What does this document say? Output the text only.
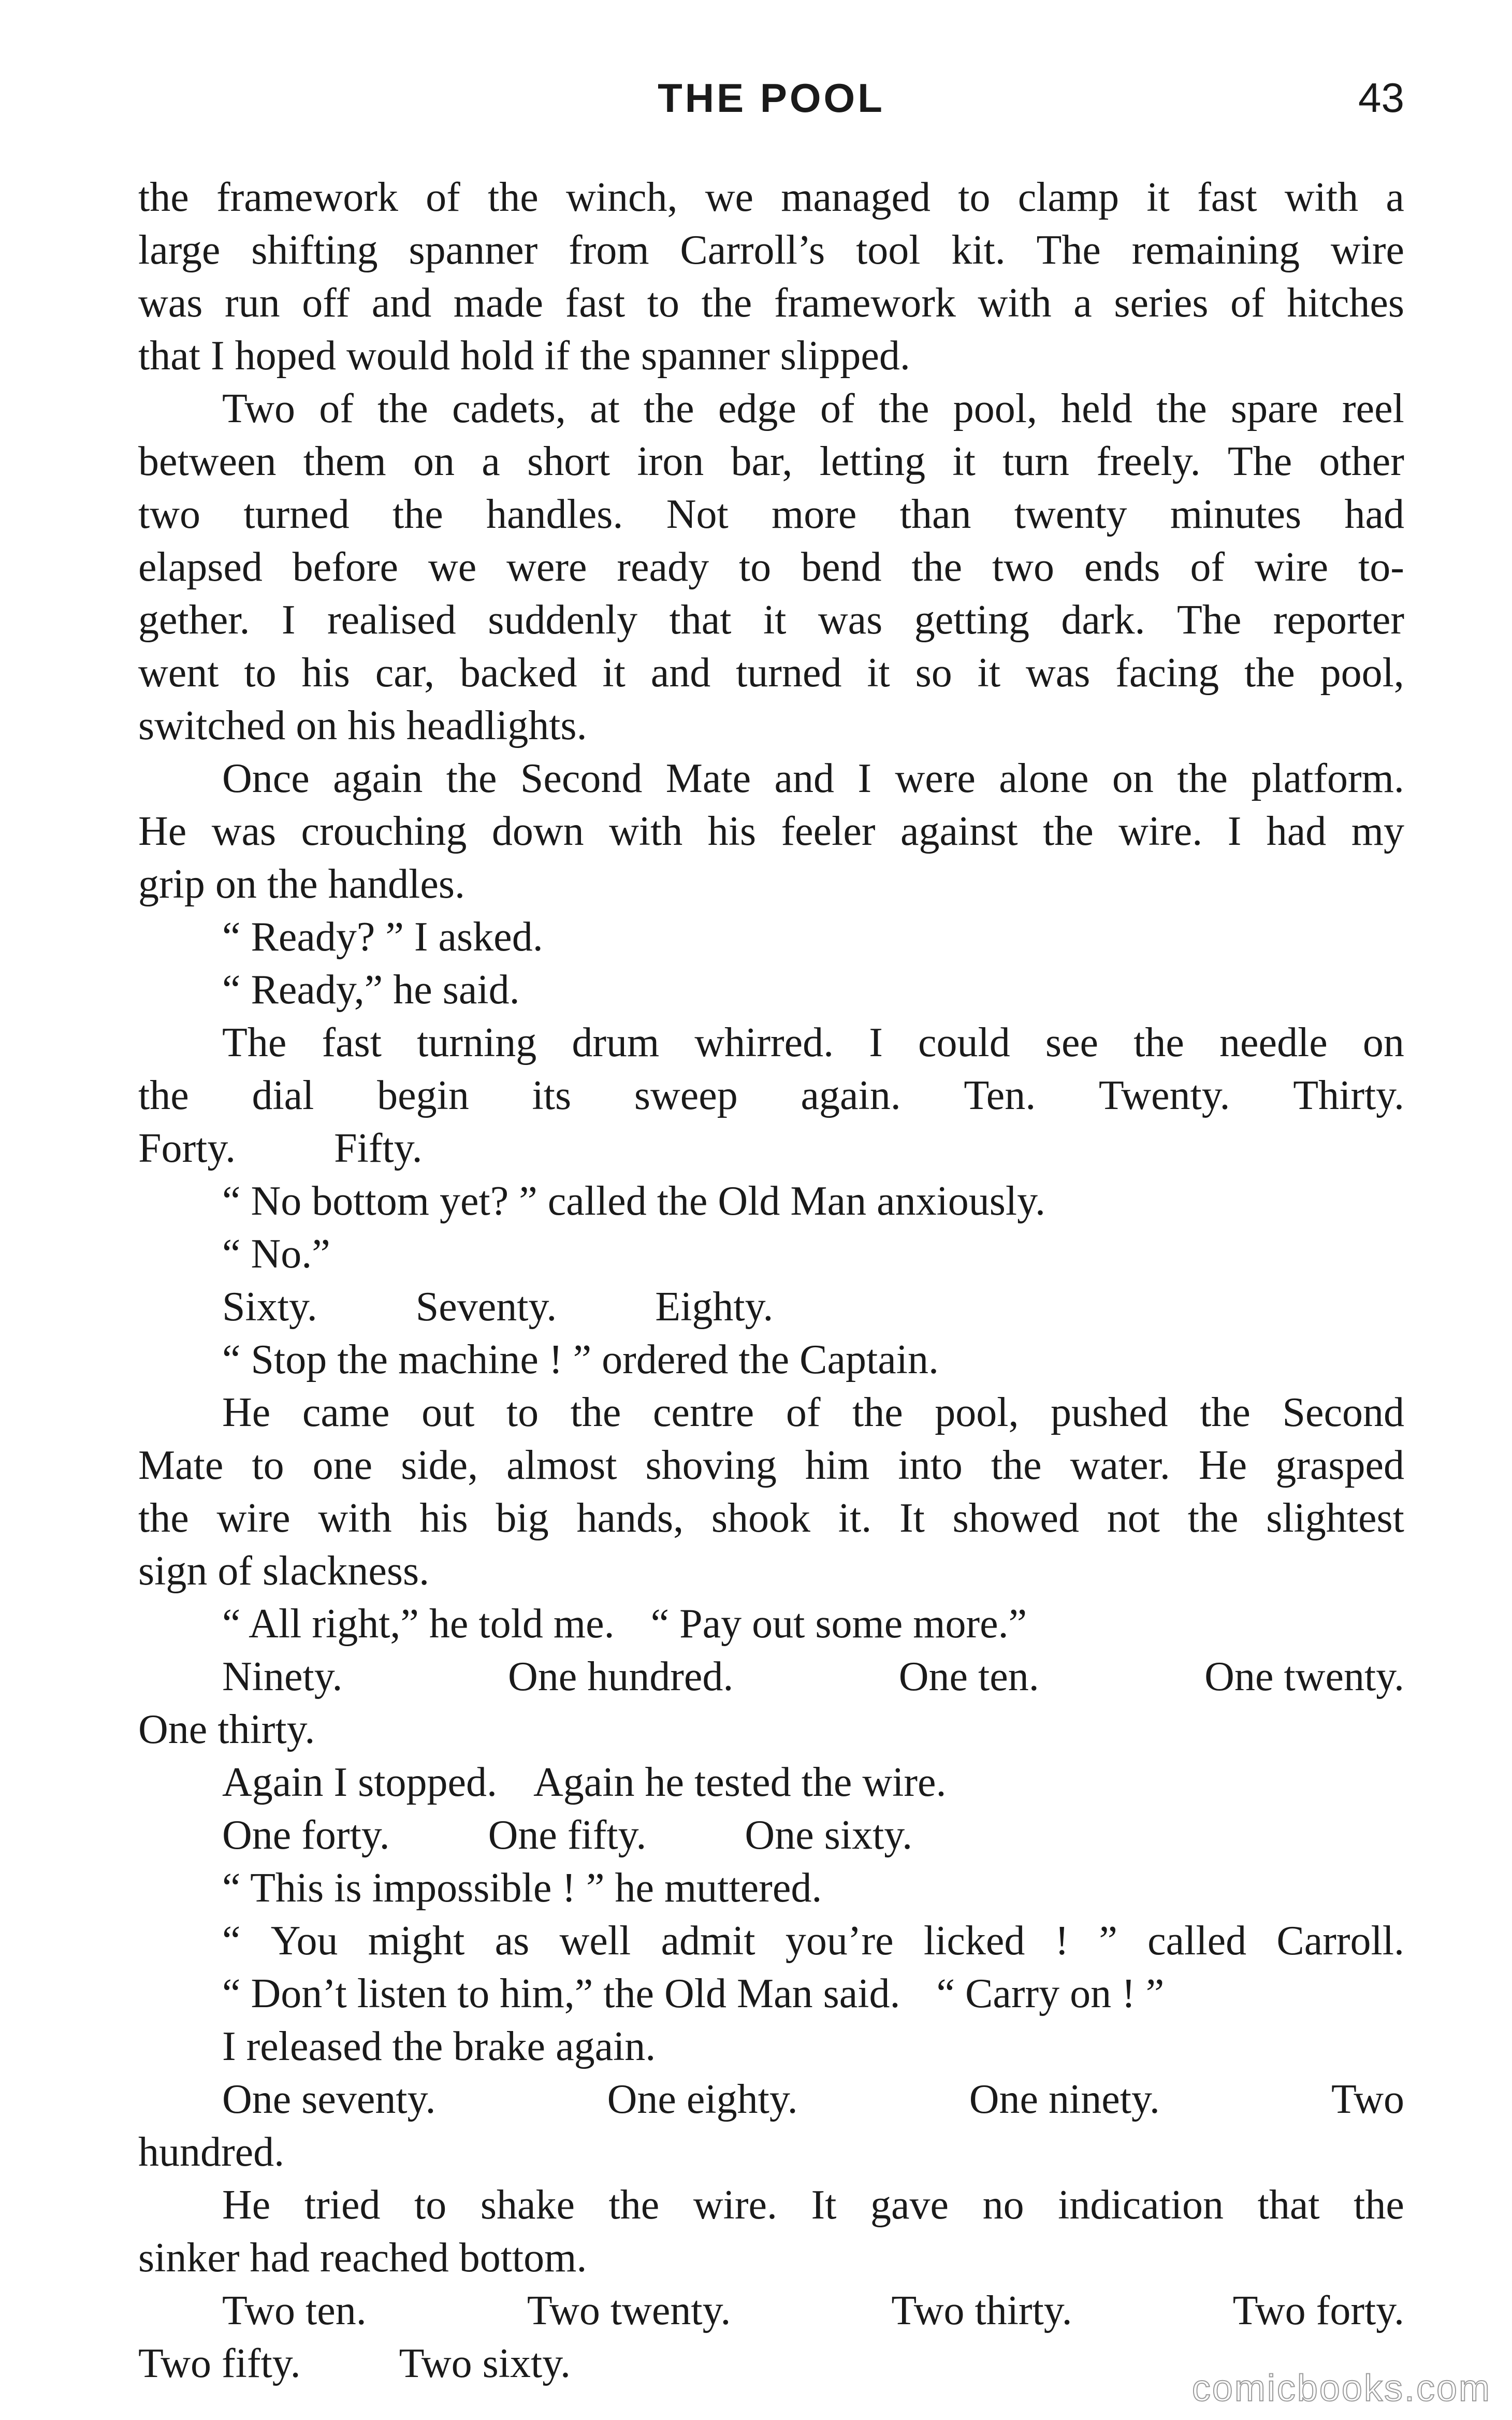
THE POOL	43
the framework of the winch, we managed to clamp it fast with a
large shifting spanner from Carroll’s tool kit. The remaining wire
was run off and made fast to the framework with a series of hitches
that I hoped would hold if the spanner slipped.
Two of the cadets, at the edge of the pool, held the spare reel
between them on a short iron bar, letting it turn freely. The other
two turned the handles. Not more than twenty minutes had
elapsed before we were ready to bend the two ends of wire to-
gether. I realised suddenly that it was getting dark. The reporter
went to his car, backed it and turned it so it was facing the pool,
switched on his headlights.
Once again the Second Mate and I were alone on the platform.
He was crouching down with his feeler against the wire. I had my
grip on the handles.
“ Ready? ” I asked.
“ Ready,” he said.
The fast turning drum whirred. I could see the needle on
the dial begin its sweep again. Ten. Twenty. Thirty.
Forty. Fifty.
“ No bottom yet? ” called the Old Man anxiously.
“ No.”
Sixty. Seventy. Eighty.
“ Stop the machine ! ” ordered the Captain.
He came out to the centre of the pool, pushed the Second
Mate to one side, almost shoving him into the water. He grasped
the wire with his big hands, shook it. It showed not the slightest
sign of slackness.
“ All right,” he told me. “ Pay out some more.”
Ninety.	One hundred.	One ten.	One twenty.
One thirty.
Again I stopped. Again he tested the wire.
One forty. One fifty. One sixty.
“ This is impossible ! ” he muttered.
“ You might as well admit you’re licked ! ” called Carroll.
“ Don’t listen to him,” the Old Man said. “ Carry on ! ”
I released the brake again.
One seventy.	One eighty.	One ninety.	Two
hundred.
He tried to shake the wire. It gave no indication that the
sinker had reached bottom.
Two ten.	Two twenty.	Two thirty.	Two forty.
Two fifty. Two sixty.
comicbooks.com
